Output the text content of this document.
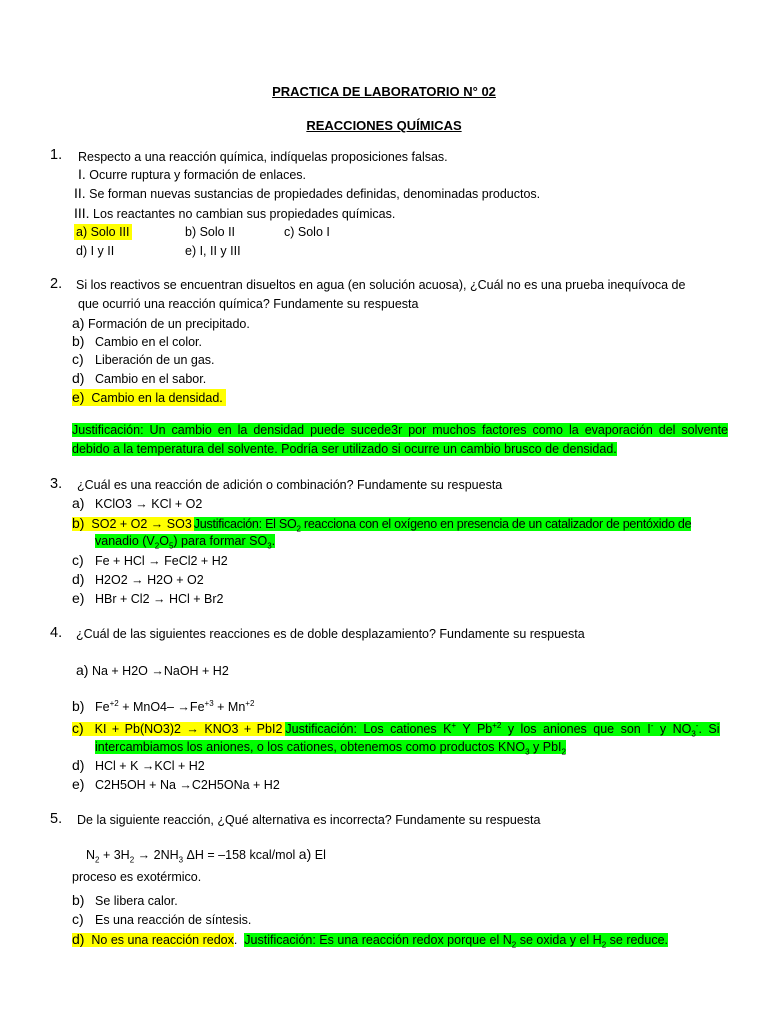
PRACTICA DE LABORATORIO N° 02
REACCIONES QUÍMICAS
1. Respecto a una reacción química, indíquelas proposiciones falsas.
I. Ocurre ruptura y formación de enlaces.
II. Se forman nuevas sustancias de propiedades definidas, denominadas productos.
III. Los reactantes no cambian sus propiedades químicas.
a) Solo III	b) Solo II	c) Solo I
d) I y II	e) I, II y III
2. Si los reactivos se encuentran disueltos en agua (en solución acuosa), ¿Cuál no es una prueba inequívoca de
que ocurrió una reacción química? Fundamente su respuesta
a) Formación de un precipitado.
b) Cambio en el color.
c) Liberación de un gas.
d) Cambio en el sabor.
e) Cambio en la densidad.
Justificación: Un cambio en la densidad puede sucede3r por muchos factores como la evaporación del solvente debido a la temperatura del solvente. Podría ser utilizado si ocurre un cambio brusco de densidad.
3. ¿Cuál es una reacción de adición o combinación? Fundamente su respuesta
a) KClO3 → KCl + O2
b) SO2 + O2 → SO3 Justificación: El $SO_2$ reacciona con el oxígeno en presencia de un catalizador de pentóxido de
vanadio $(V_2O_5)$ para formar $SO_3$.
c) Fe + HCl → FeCl2 + H2
d) H2O2 → H2O + O2
e) HBr + Cl2 → HCl + Br2
4. ¿Cuál de las siguientes reacciones es de doble desplazamiento? Fundamente su respuesta
a) Na + H2O →NaOH + H2
b) $Fe^{+2} + MnO4- \to Fe^{+3} + Mn^{+2}$
c) KI + Pb(NO3)2 → KNO3 + PbI2 Justificación: Los cationes K+ Y $Pb^{+2}$ y los aniones que son I- y $NO_3^-$. Si
intercambiamos los aniones, o los cationes, obtenemos como productos $KNO_3$ y PbI$_2$
d) HCl + K →KCl + H2
e) C2H5OH + Na →C2H5ONa + H2
5. De la siguiente reacción, ¿Qué alternativa es incorrecta? Fundamente su respuesta
$N_2 + 3H_2 \to 2NH_3$ ΔH = –158 kcal/mol a) El
proceso es exotérmico.
b) Se libera calor.
c) Es una reacción de síntesis.
d) No es una reacción redox.  Justificación: Es una reacción redox porque el $N_2$ se oxida y el $H_2$ se reduce.
